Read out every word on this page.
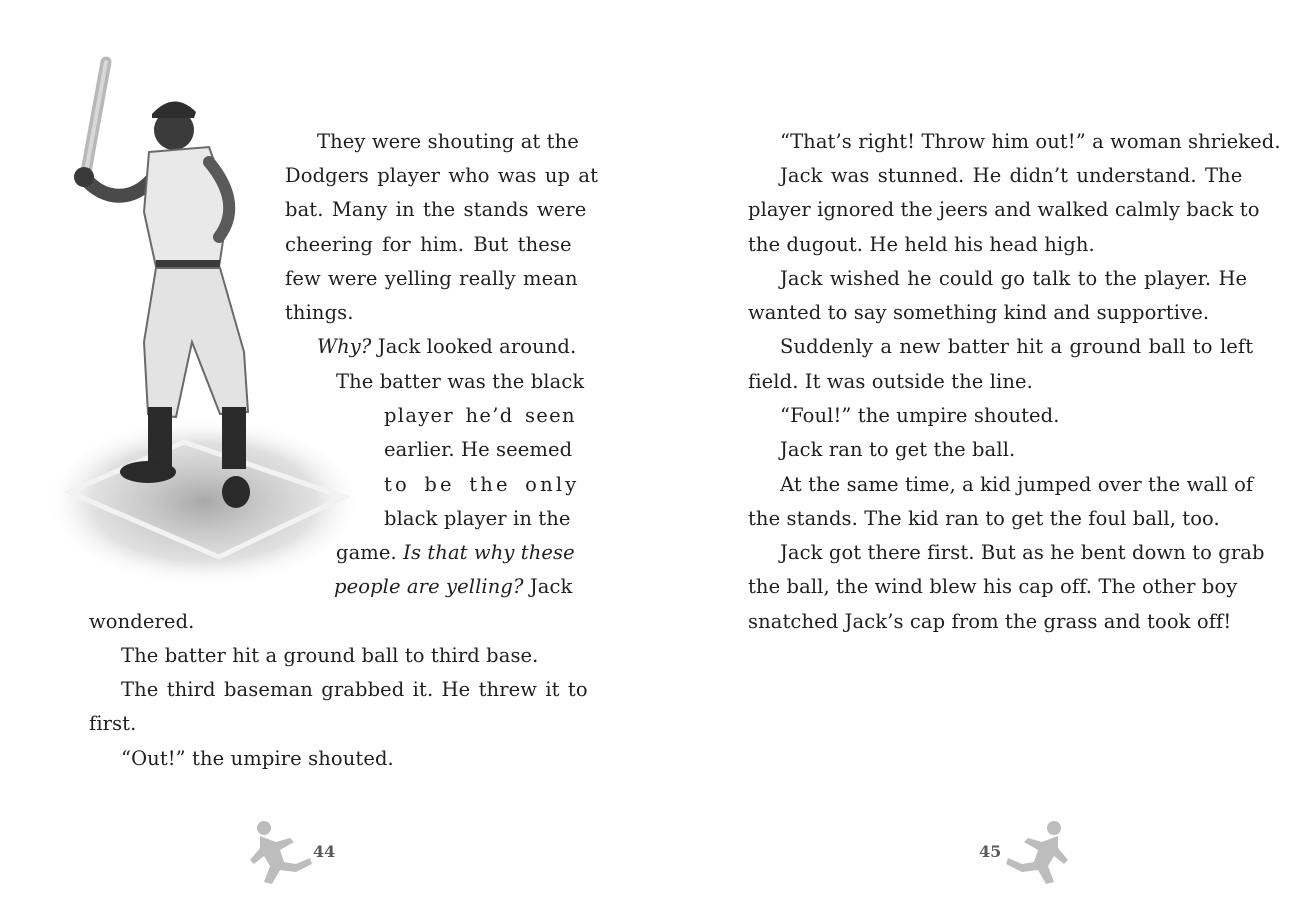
They were shouting at the
Dodgers player who was up at
bat. Many in the stands were
cheering for him. But these
few were yelling really mean
things.
Why? Jack looked around.
The batter was the black
player he’d seen
earlier. He seemed
to be the only
black player in the
game. Is that why these
people are yelling? Jack
wondered.
The batter hit a ground ball to third base.
The third baseman grabbed it. He threw it to
first.
“Out!” the umpire shouted.
44
“That’s right! Throw him out!” a woman shrieked.
Jack was stunned. He didn’t understand. The
player ignored the jeers and walked calmly back to
the dugout. He held his head high.
Jack wished he could go talk to the player. He
wanted to say something kind and supportive.
Suddenly a new batter hit a ground ball to left
field. It was outside the line.
“Foul!” the umpire shouted.
Jack ran to get the ball.
At the same time, a kid jumped over the wall of
the stands. The kid ran to get the foul ball, too.
Jack got there first. But as he bent down to grab
the ball, the wind blew his cap off. The other boy
snatched Jack’s cap from the grass and took off!
45
